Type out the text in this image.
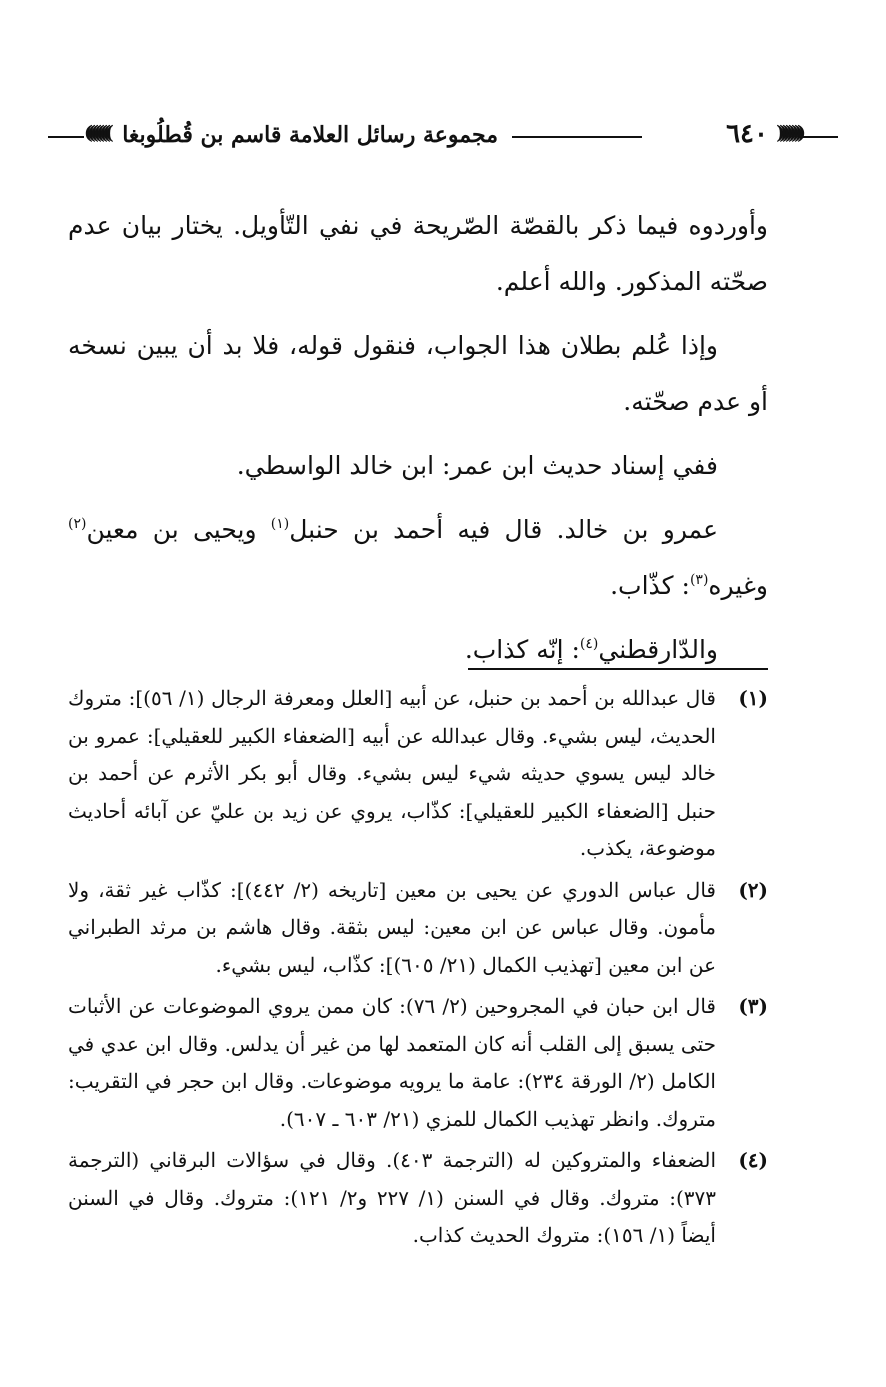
((((((((
٦٤٠
مجموعة رسائل العلامة قاسم بن قُطلُوبغا
))))))))

وأوردوه فيما ذكر بالقصّة الصّريحة في نفي التّأويل. يختار بيان عدم صحّته المذكور. والله أعلم.

وإذا عُلم بطلان هذا الجواب، فنقول قوله، فلا بد أن يبين نسخه أو عدم صحّته.

ففي إسناد حديث ابن عمر: ابن خالد الواسطي.

عمرو بن خالد. قال فيه أحمد بن حنبل$^{(١)}$ ويحيى بن معين$^{(٢)}$ وغيره$^{(٣)}$: كذّاب.

والدّارقطني$^{(٤)}$: إنّه كذاب.

(١)
قال عبدالله بن أحمد بن حنبل، عن أبيه [العلل ومعرفة الرجال (١/ ٥٦)]: متروك الحديث، ليس بشيء. وقال عبدالله عن أبيه [الضعفاء الكبير للعقيلي]: عمرو بن خالد ليس يسوي حديثه شيء ليس بشيء. وقال أبو بكر الأثرم عن أحمد بن حنبل [الضعفاء الكبير للعقيلي]: كذّاب، يروي عن زيد بن عليّ عن آبائه أحاديث موضوعة، يكذب.
(٢)
قال عباس الدوري عن يحيى بن معين [تاريخه (٢/ ٤٤٢)]: كذّاب غير ثقة، ولا مأمون. وقال عباس عن ابن معين: ليس بثقة. وقال هاشم بن مرثد الطبراني عن ابن معين [تهذيب الكمال (٢١/ ٦٠٥)]: كذّاب، ليس بشيء.
(٣)
قال ابن حبان في المجروحين (٢/ ٧٦): كان ممن يروي الموضوعات عن الأثبات حتى يسبق إلى القلب أنه كان المتعمد لها من غير أن يدلس. وقال ابن عدي في الكامل (٢/ الورقة ٢٣٤): عامة ما يرويه موضوعات. وقال ابن حجر في التقريب: متروك. وانظر تهذيب الكمال للمزي (٢١/ ٦٠٣ ـ ٦٠٧).
(٤)
الضعفاء والمتروكين له (الترجمة ٤٠٣). وقال في سؤالات البرقاني (الترجمة ٣٧٣): متروك. وقال في السنن (١/ ٢٢٧ و٢/ ١٢١): متروك. وقال في السنن أيضاً (١/ ١٥٦): متروك الحديث كذاب.
